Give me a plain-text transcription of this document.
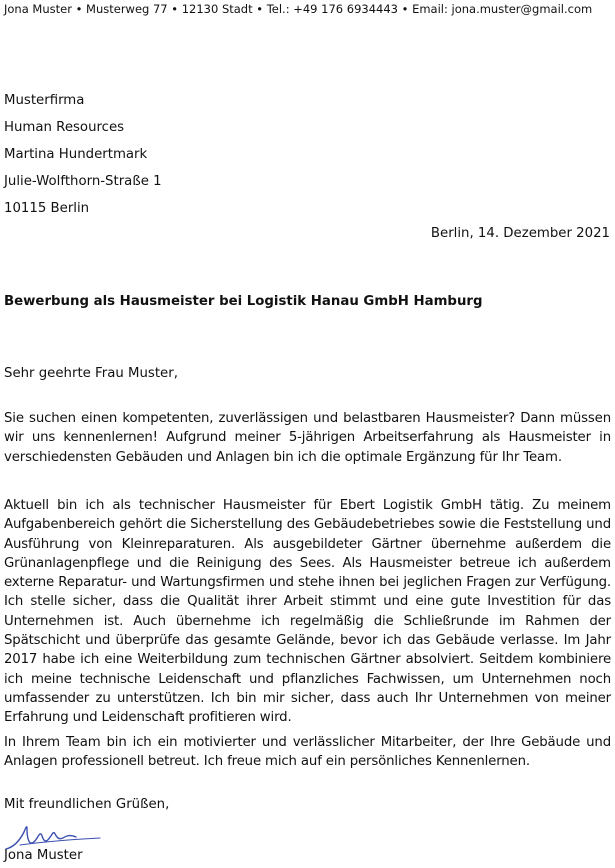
Jona Muster • Musterweg 77 • 12130 Stadt • Tel.: +49 176 6934443 • Email: jona.muster@gmail.com
Musterfirma
Human Resources
Martina Hundertmark
Julie-Wolfthorn-Straße 1
10115 Berlin
Berlin, 14. Dezember 2021
Bewerbung als Hausmeister bei Logistik Hanau GmbH Hamburg
Sehr geehrte Frau Muster,

Sie suchen einen kompetenten, zuverlässigen und belastbaren Hausmeister? Dann müssen wir uns kennenlernen! Aufgrund meiner 5-jährigen Arbeitserfahrung als Hausmeister in verschiedensten Gebäuden und Anlagen bin ich die optimale Ergänzung für Ihr Team.

Aktuell bin ich als technischer Hausmeister für Ebert Logistik GmbH tätig. Zu meinem Aufgabenbereich gehört die Sicherstellung des Gebäudebetriebes sowie die Feststellung und Ausführung von Kleinreparaturen. Als ausgebildeter Gärtner übernehme außerdem die Grünanlagenpflege und die Reinigung des Sees. Als Hausmeister betreue ich außerdem externe Reparatur- und Wartungsfirmen und stehe ihnen bei jeglichen Fragen zur Verfügung. Ich stelle sicher, dass die Qualität ihrer Arbeit stimmt und eine gute Investition für das Unternehmen ist. Auch übernehme ich regelmäßig die Schließrunde im Rahmen der Spätschicht und überprüfe das gesamte Gelände, bevor ich das Gebäude verlasse. Im Jahr 2017 habe ich eine Weiterbildung zum technischen Gärtner absolviert. Seitdem kombiniere ich meine technische Leidenschaft und pflanzliches Fachwissen, um Unternehmen noch umfassender zu unterstützen. Ich bin mir sicher, dass auch Ihr Unternehmen von meiner Erfahrung und Leidenschaft profitieren wird.

In Ihrem Team bin ich ein motivierter und verlässlicher Mitarbeiter, der Ihre Gebäude und Anlagen professionell betreut. Ich freue mich auf ein persönliches Kennenlernen.

Mit freundlichen Grüßen,
Jona Muster
